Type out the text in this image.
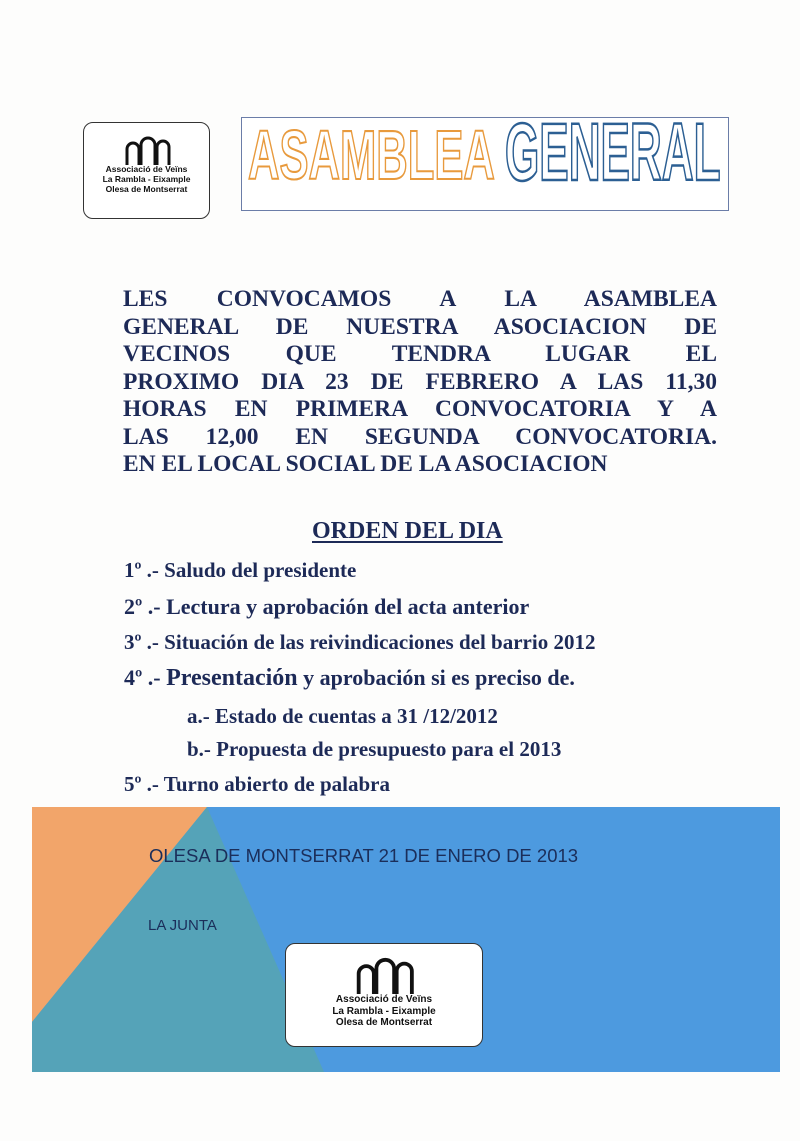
Associació de Veïns
La Rambla - Eixample
Olesa de Montserrat ASAMBLEA GENERAL
LES CONVOCAMOS A LA ASAMBLEA
GENERAL DE NUESTRA ASOCIACION DE
VECINOS QUE TENDRA LUGAR EL
PROXIMO DIA 23 DE FEBRERO A LAS 11,30
HORAS EN PRIMERA CONVOCATORIA Y A
LAS 12,00 EN SEGUNDA CONVOCATORIA.
EN EL LOCAL SOCIAL DE LA ASOCIACION
ORDEN DEL DIA
1º .- Saludo del presidente
2º .- Lectura y aprobación del acta anterior
3º .- Situación de las reivindicaciones del barrio 2012
4º .- Presentación y aprobación si es preciso de.
a.- Estado de cuentas a 31 /12/2012
b.- Propuesta de presupuesto para el 2013
5º .- Turno abierto de palabra
OLESA DE MONTSERRAT 21 DE ENERO DE 2013
LA JUNTA
Associació de Veïns
La Rambla - Eixample
Olesa de Montserrat
